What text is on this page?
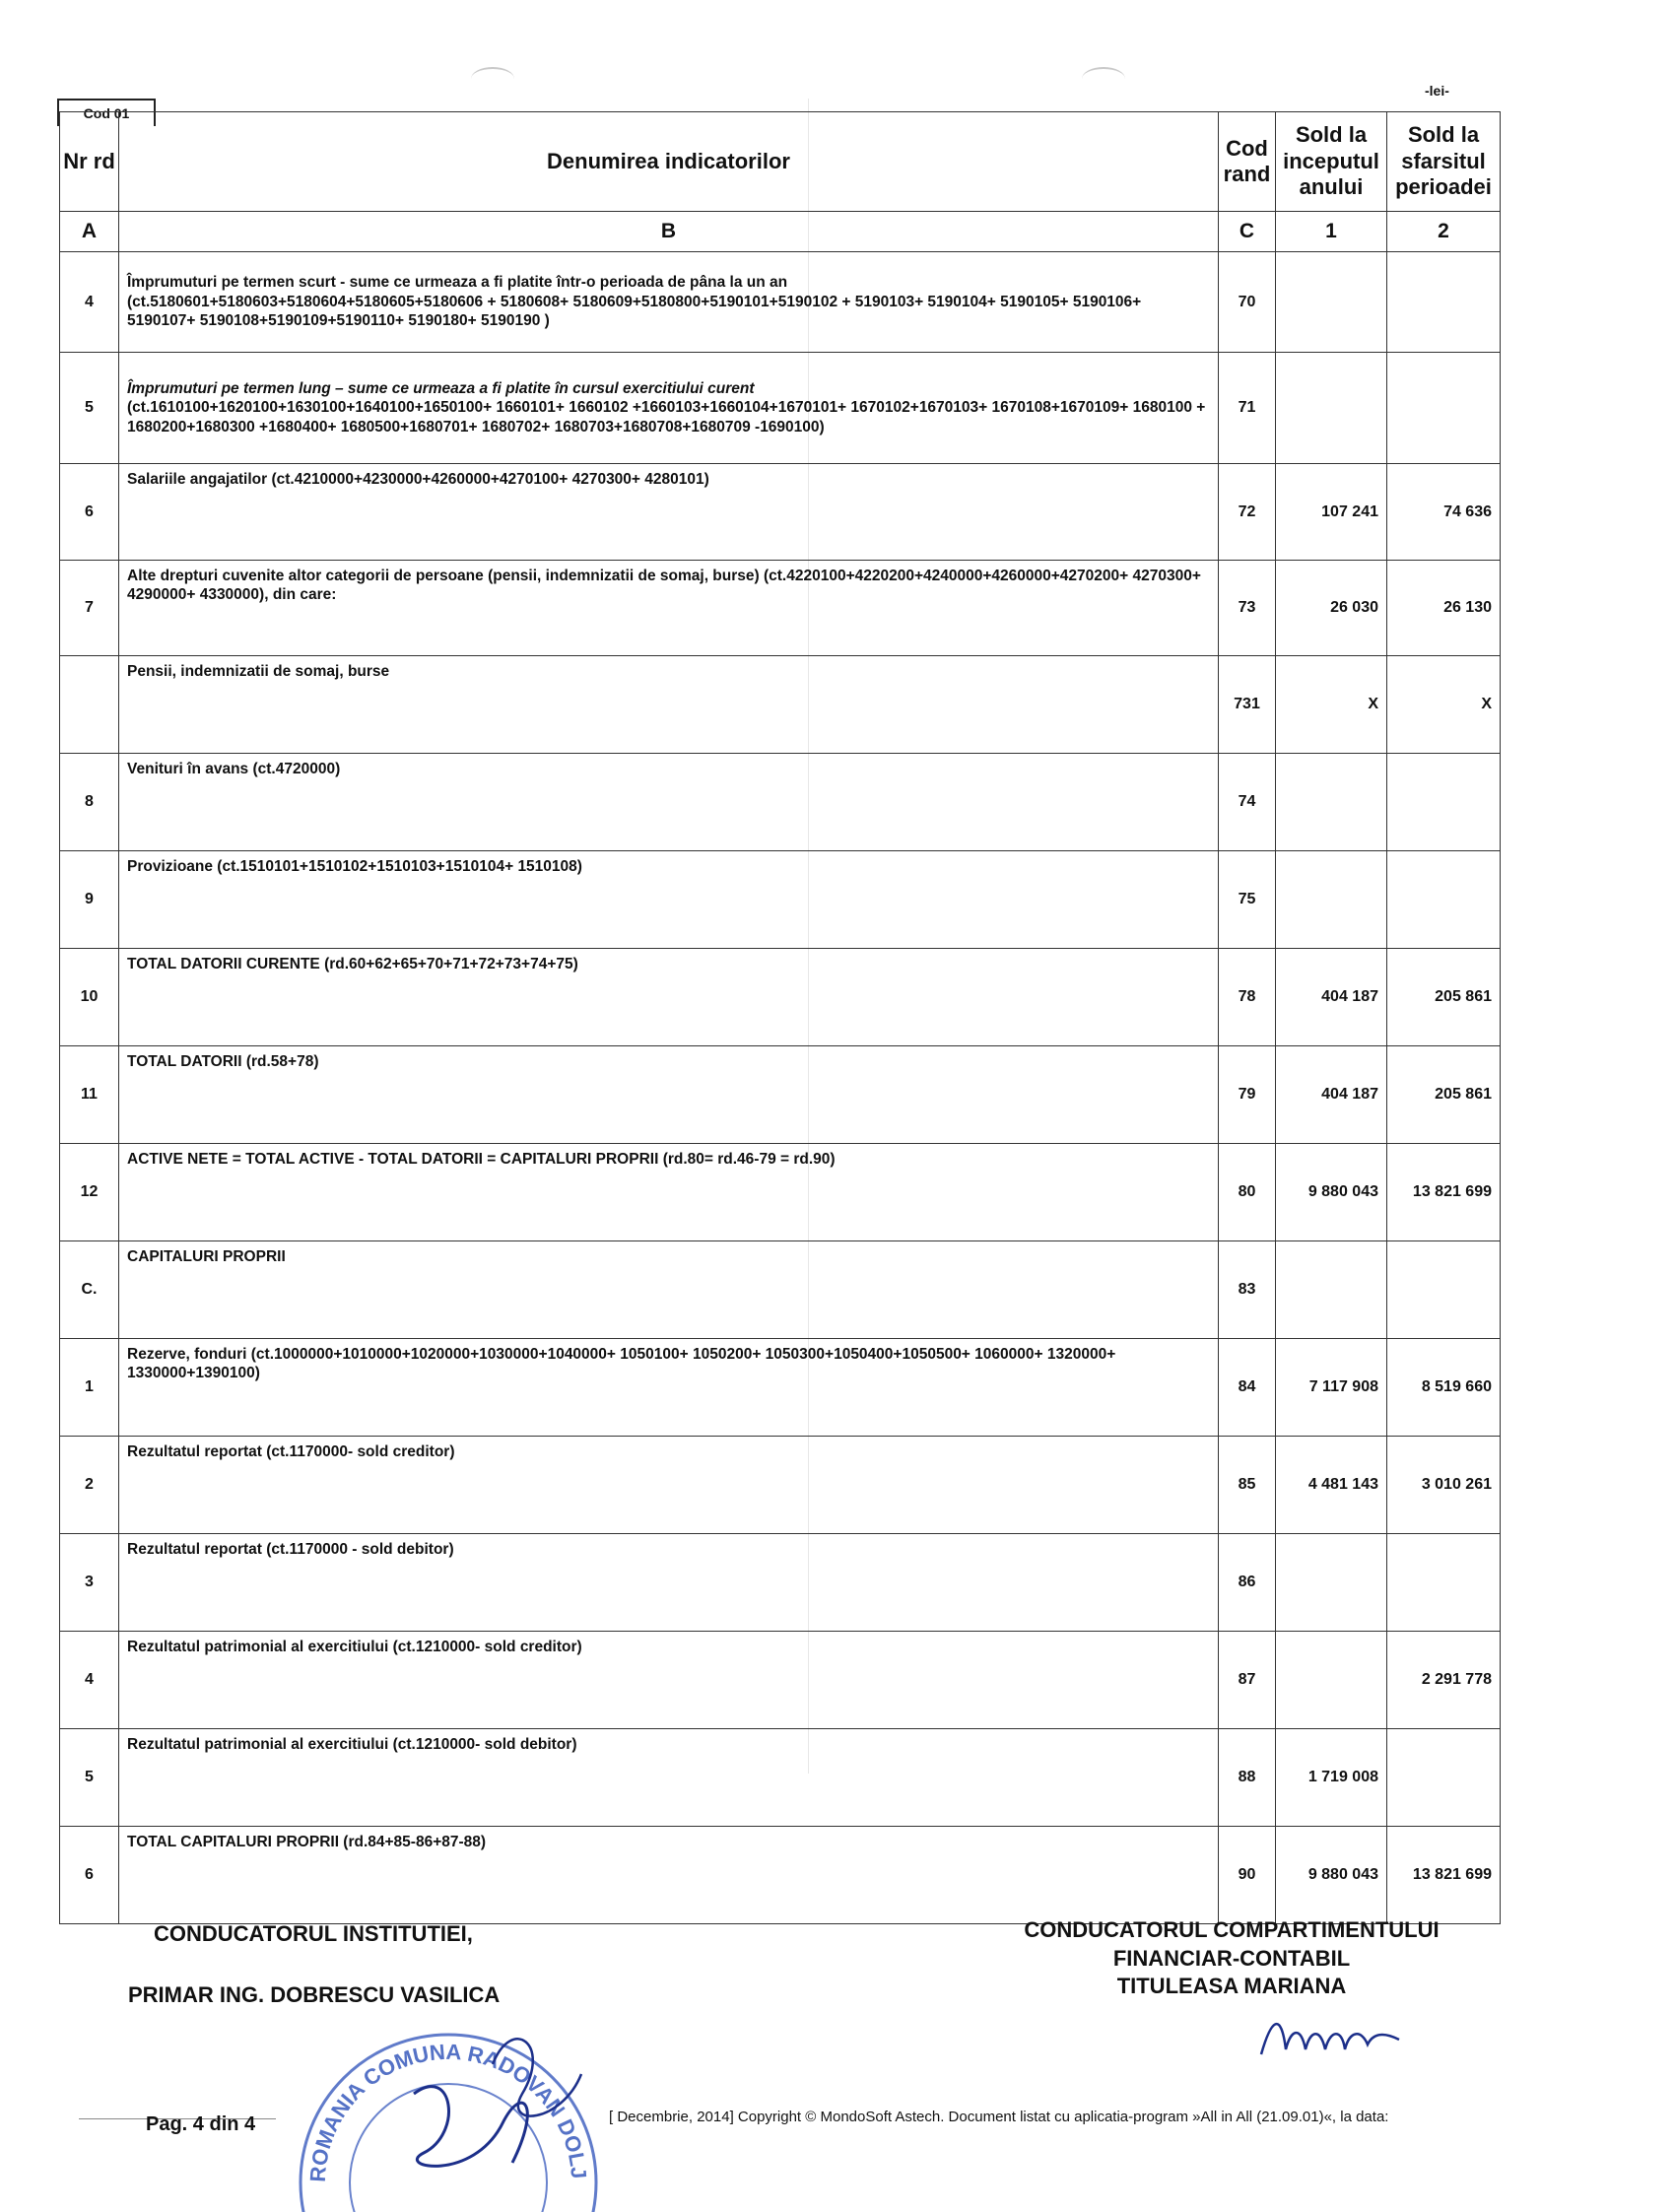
-lei-
Cod 01
Nr rd	Denumirea indicatorilor	Cod rand	Sold la inceputul anului	Sold la sfarsitul perioadei
A	B	C	1	2
4	Împrumuturi pe termen scurt - sume ce urmeaza a fi platite într-o perioada de pâna la un an
(ct.5180601+5180603+5180604+5180605+5180606 + 5180608+ 5180609+5180800+5190101+5190102 + 5190103+ 5190104+ 5190105+ 5190106+ 5190107+ 5190108+5190109+5190110+ 5190180+ 5190190 )	70		
5	Împrumuturi pe termen lung – sume ce urmeaza a fi platite în cursul exercitiului curent
(ct.1610100+1620100+1630100+1640100+1650100+ 1660101+ 1660102 +1660103+1660104+1670101+ 1670102+1670103+ 1670108+1670109+ 1680100 + 1680200+1680300 +1680400+ 1680500+1680701+ 1680702+ 1680703+1680708+1680709 -1690100)	71		
6	Salariile angajatilor (ct.4210000+4230000+4260000+4270100+ 4270300+ 4280101)	72	107 241	74 636
7	Alte drepturi cuvenite altor categorii de persoane (pensii, indemnizatii de somaj, burse) (ct.4220100+4220200+4240000+4260000+4270200+ 4270300+ 4290000+ 4330000), din care:	73	26 030	26 130
	Pensii, indemnizatii de somaj, burse	731	X	X
8	Venituri în avans (ct.4720000)	74		
9	Provizioane (ct.1510101+1510102+1510103+1510104+ 1510108)	75		
10	TOTAL DATORII CURENTE (rd.60+62+65+70+71+72+73+74+75)	78	404 187	205 861
11	TOTAL DATORII (rd.58+78)	79	404 187	205 861
12	ACTIVE NETE = TOTAL ACTIVE - TOTAL DATORII = CAPITALURI PROPRII (rd.80= rd.46-79 = rd.90)	80	9 880 043	13 821 699
C.	CAPITALURI PROPRII	83		
1	Rezerve, fonduri (ct.1000000+1010000+1020000+1030000+1040000+ 1050100+ 1050200+ 1050300+1050400+1050500+ 1060000+ 1320000+ 1330000+1390100)	84	7 117 908	8 519 660
2	Rezultatul reportat (ct.1170000- sold creditor)	85	4 481 143	3 010 261
3	Rezultatul reportat (ct.1170000 - sold debitor)	86		
4	Rezultatul patrimonial al exercitiului (ct.1210000- sold creditor)	87		2 291 778
5	Rezultatul patrimonial al exercitiului (ct.1210000- sold debitor)	88	1 719 008	
6	TOTAL CAPITALURI PROPRII (rd.84+85-86+87-88)	90	9 880 043	13 821 699
CONDUCATORUL INSTITUTIEI,
PRIMAR ING. DOBRESCU VASILICA
CONDUCATORUL COMPARTIMENTULUI
FINANCIAR-CONTABIL
TITULEASA MARIANA
ROMANIA COMUNA RADOVAN DOLJ
Pag. 4 din 4	[ Decembrie, 2014] Copyright © MondoSoft Astech. Document listat cu aplicatia-program »All in All (21.09.01)«, la data:
